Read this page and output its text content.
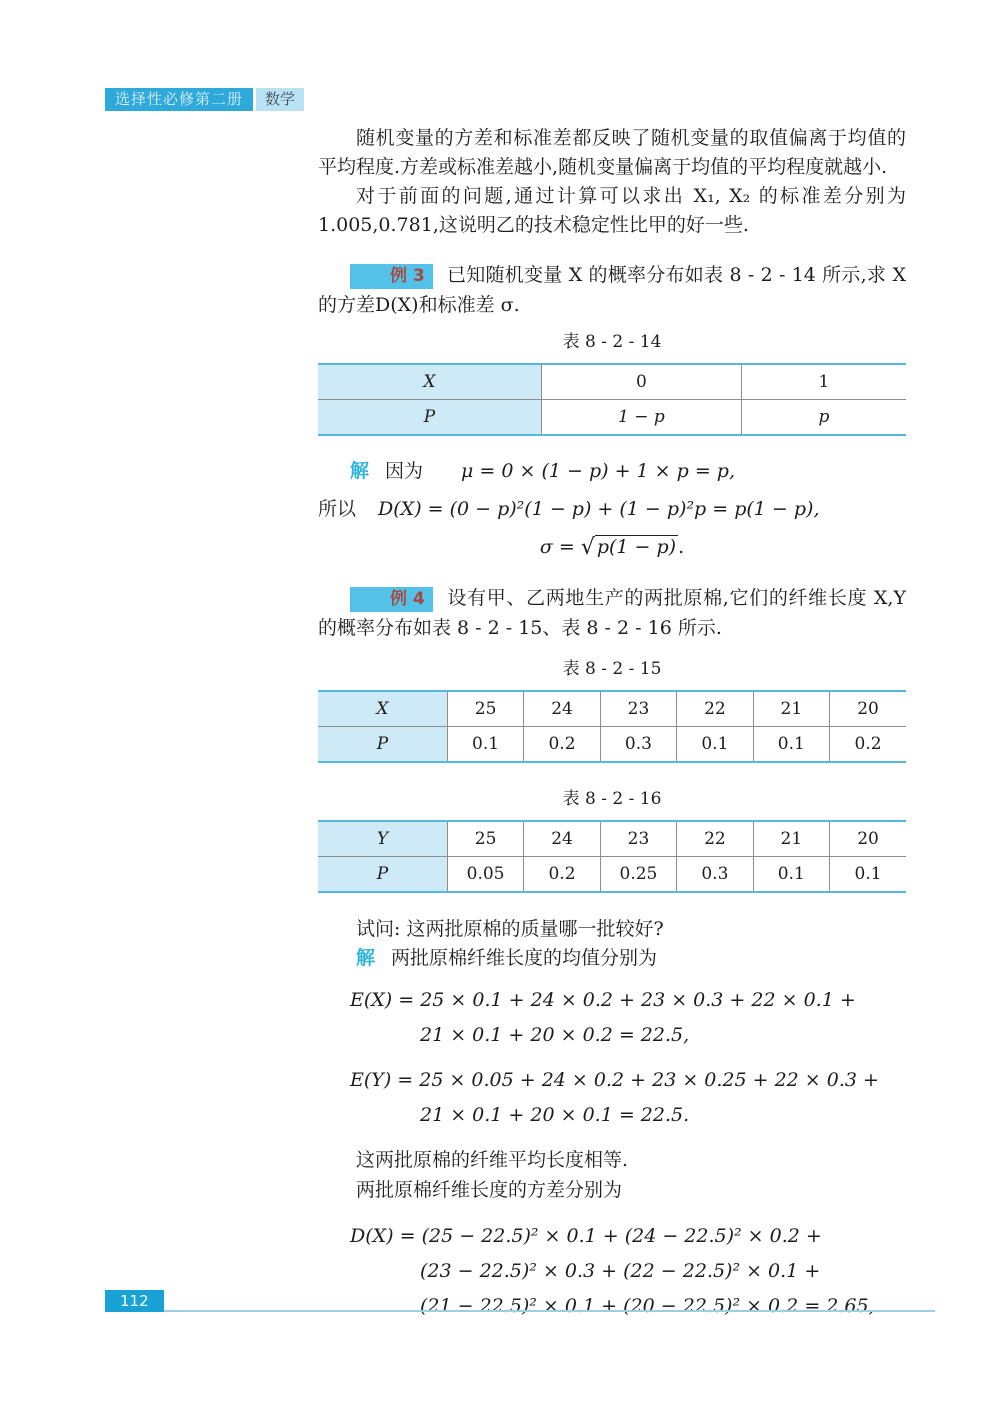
选择性必修第二册	数学

随机变量的方差和标准差都反映了随机变量的取值偏离于均值的平均程度.方差或标准差越小,随机变量偏离于均值的平均程度就越小.

对于前面的问题,通过计算可以求出 X₁, X₂ 的标准差分别为1.005,0.781,这说明乙的技术稳定性比甲的好一些.

例 3 已知随机变量 X 的概率分布如表 8 - 2 - 14 所示,求 X 的方差D(X)和标准差 σ.

表 8 - 2 - 14

X	0	1
P	1 − p	p
解 因为 μ = 0 × (1 − p) + 1 × p = p,
所以 D(X) = (0 − p)²(1 − p) + (1 − p)²p = p(1 − p),
σ = √ p(1 − p) .

例 4 设有甲、乙两地生产的两批原棉,它们的纤维长度 X,Y 的概率分布如表 8 - 2 - 15、表 8 - 2 - 16 所示.

表 8 - 2 - 15

X	25	24	23	22	21	20
P	0.1	0.2	0.3	0.1	0.1	0.2

表 8 - 2 - 16

Y	25	24	23	22	21	20
P	0.05	0.2	0.25	0.3	0.1	0.1

试问: 这两批原棉的质量哪一批较好?

解 两批原棉纤维长度的均值分别为

E(X) = 25 × 0.1 + 24 × 0.2 + 23 × 0.3 + 22 × 0.1 +
21 × 0.1 + 20 × 0.2 = 22.5,
E(Y) = 25 × 0.05 + 24 × 0.2 + 23 × 0.25 + 22 × 0.3 +
21 × 0.1 + 20 × 0.1 = 22.5.

这两批原棉的纤维平均长度相等.

两批原棉纤维长度的方差分别为

D(X) = (25 − 22.5)² × 0.1 + (24 − 22.5)² × 0.2 +
(23 − 22.5)² × 0.3 + (22 − 22.5)² × 0.1 +
(21 − 22.5)² × 0.1 + (20 − 22.5)² × 0.2 = 2.65,
112
